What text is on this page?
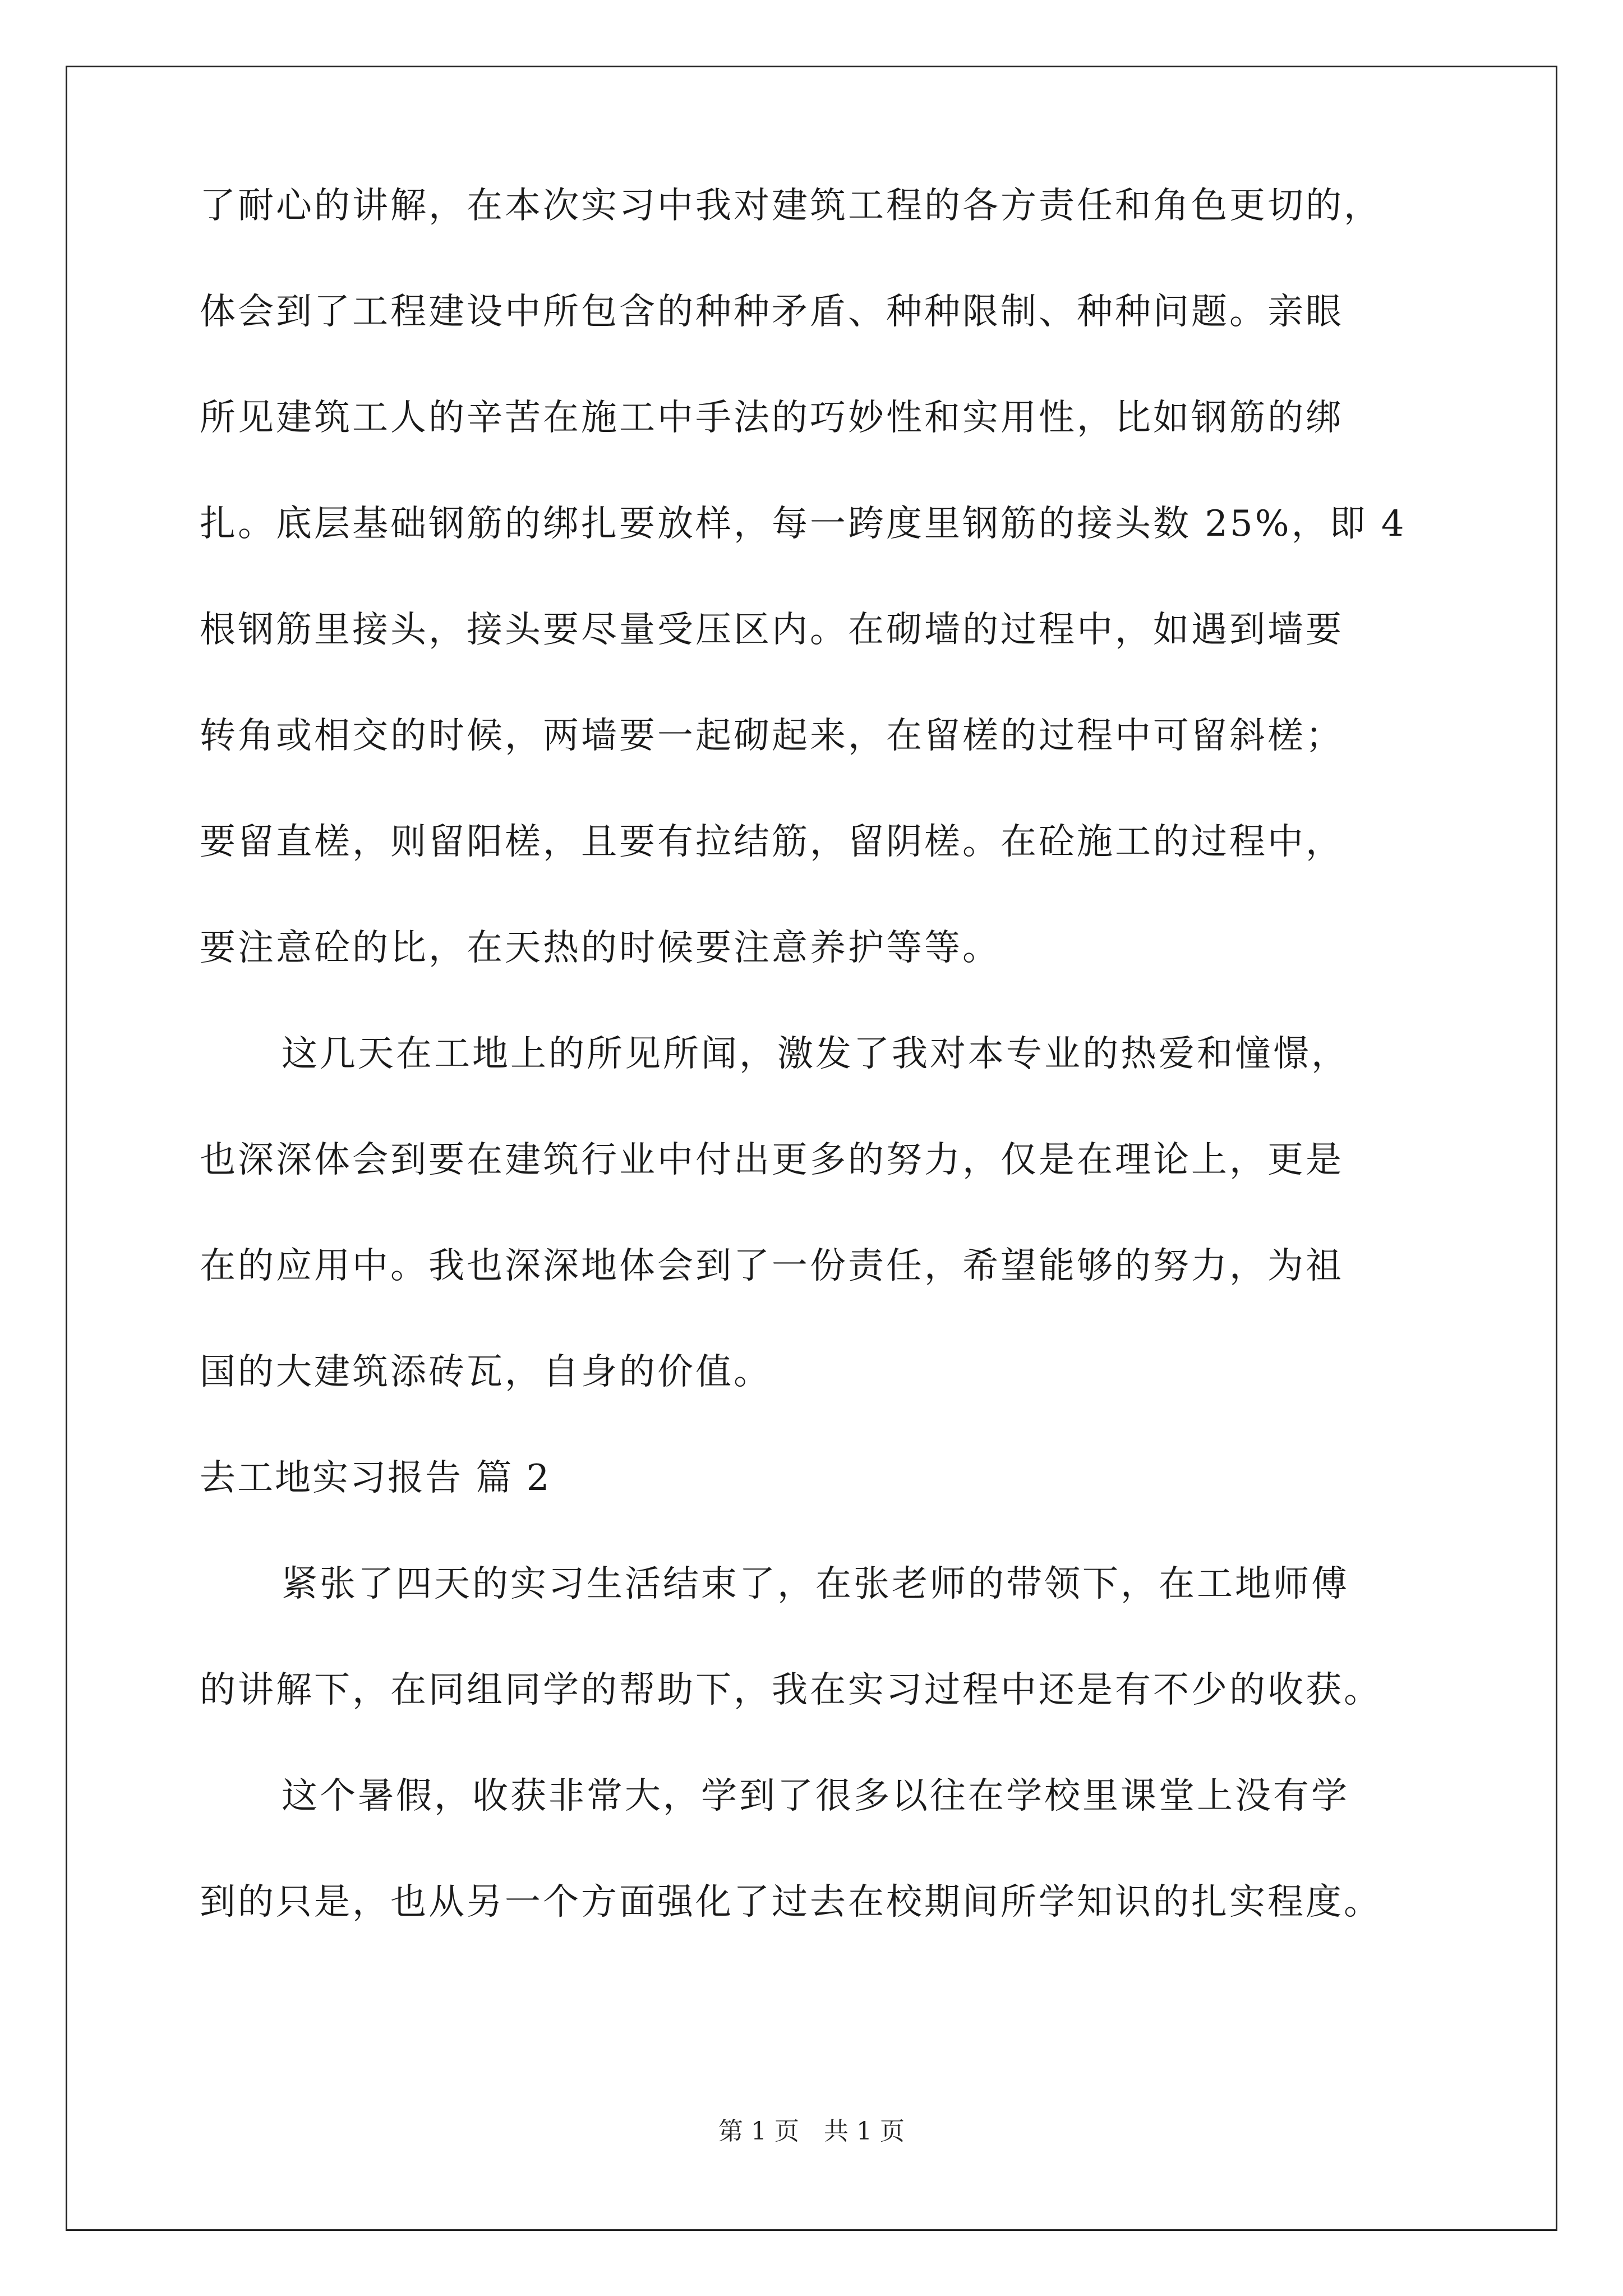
了耐心的讲解，在本次实习中我对建筑工程的各方责任和角色更切的，
体会到了工程建设中所包含的种种矛盾、种种限制、种种问题。亲眼
所见建筑工人的辛苦在施工中手法的巧妙性和实用性，比如钢筋的绑
扎。底层基础钢筋的绑扎要放样，每一跨度里钢筋的接头数 25%，即 4
根钢筋里接头，接头要尽量受压区内。在砌墙的过程中，如遇到墙要
转角或相交的时候，两墙要一起砌起来，在留槎的过程中可留斜槎；
要留直槎，则留阳槎，且要有拉结筋，留阴槎。在砼施工的过程中，
要注意砼的比，在天热的时候要注意养护等等。
这几天在工地上的所见所闻，激发了我对本专业的热爱和憧憬，
也深深体会到要在建筑行业中付出更多的努力，仅是在理论上，更是
在的应用中。我也深深地体会到了一份责任，希望能够的努力，为祖
国的大建筑添砖瓦，自身的价值。
去工地实习报告 篇 2
紧张了四天的实习生活结束了，在张老师的带领下，在工地师傅
的讲解下，在同组同学的帮助下，我在实习过程中还是有不少的收获。
这个暑假，收获非常大，学到了很多以往在学校里课堂上没有学
到的只是，也从另一个方面强化了过去在校期间所学知识的扎实程度。
第 1 页　共 1 页
